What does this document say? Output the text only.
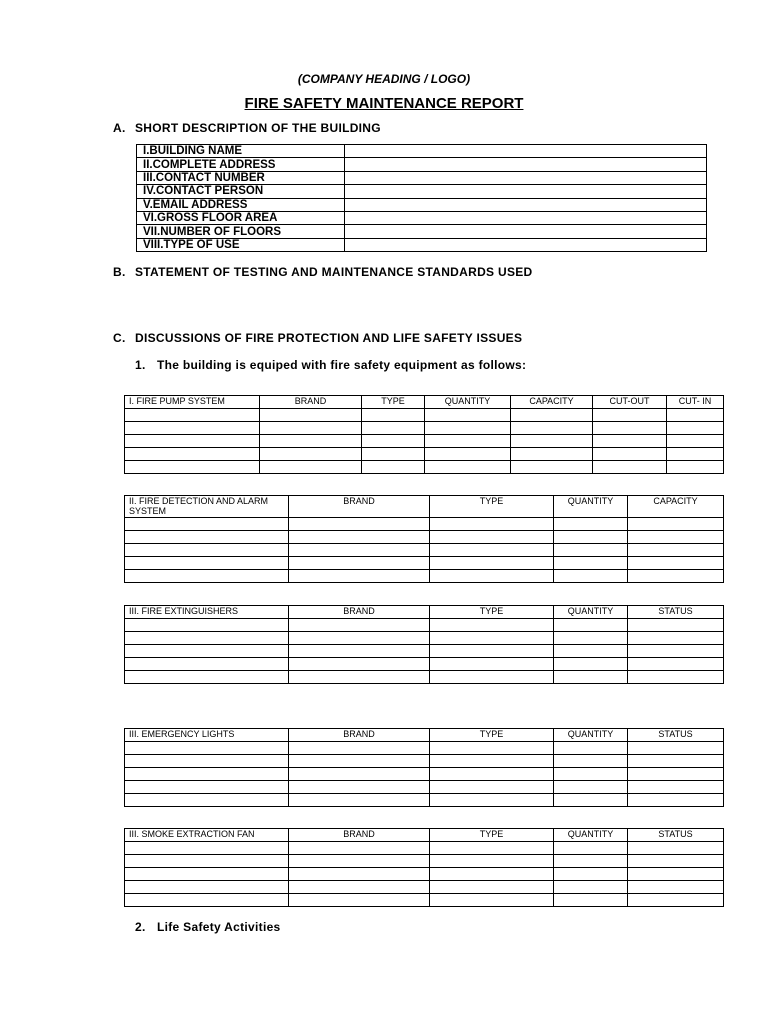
(COMPANY HEADING / LOGO)
FIRE SAFETY MAINTENANCE REPORT
A. SHORT DESCRIPTION OF THE BUILDING
I.BUILDING NAME	
II.COMPLETE ADDRESS	
III.CONTACT NUMBER	
IV.CONTACT PERSON	
V.EMAIL ADDRESS	
VI.GROSS FLOOR AREA	
VII.NUMBER OF FLOORS	
VIII.TYPE OF USE	
B. STATEMENT OF TESTING AND MAINTENANCE STANDARDS USED
C. DISCUSSIONS OF FIRE PROTECTION AND LIFE SAFETY ISSUES
1. The building is equiped with fire safety equipment as follows:
I. FIRE PUMP SYSTEM	BRAND	TYPE	QUANTITY	CAPACITY	CUT-OUT	CUT- IN

II. FIRE DETECTION AND ALARM SYSTEM	BRAND	TYPE	QUANTITY	CAPACITY

III. FIRE EXTINGUISHERS	BRAND	TYPE	QUANTITY	STATUS

III. EMERGENCY LIGHTS	BRAND	TYPE	QUANTITY	STATUS

III. SMOKE EXTRACTION FAN	BRAND	TYPE	QUANTITY	STATUS

2. Life Safety Activities
